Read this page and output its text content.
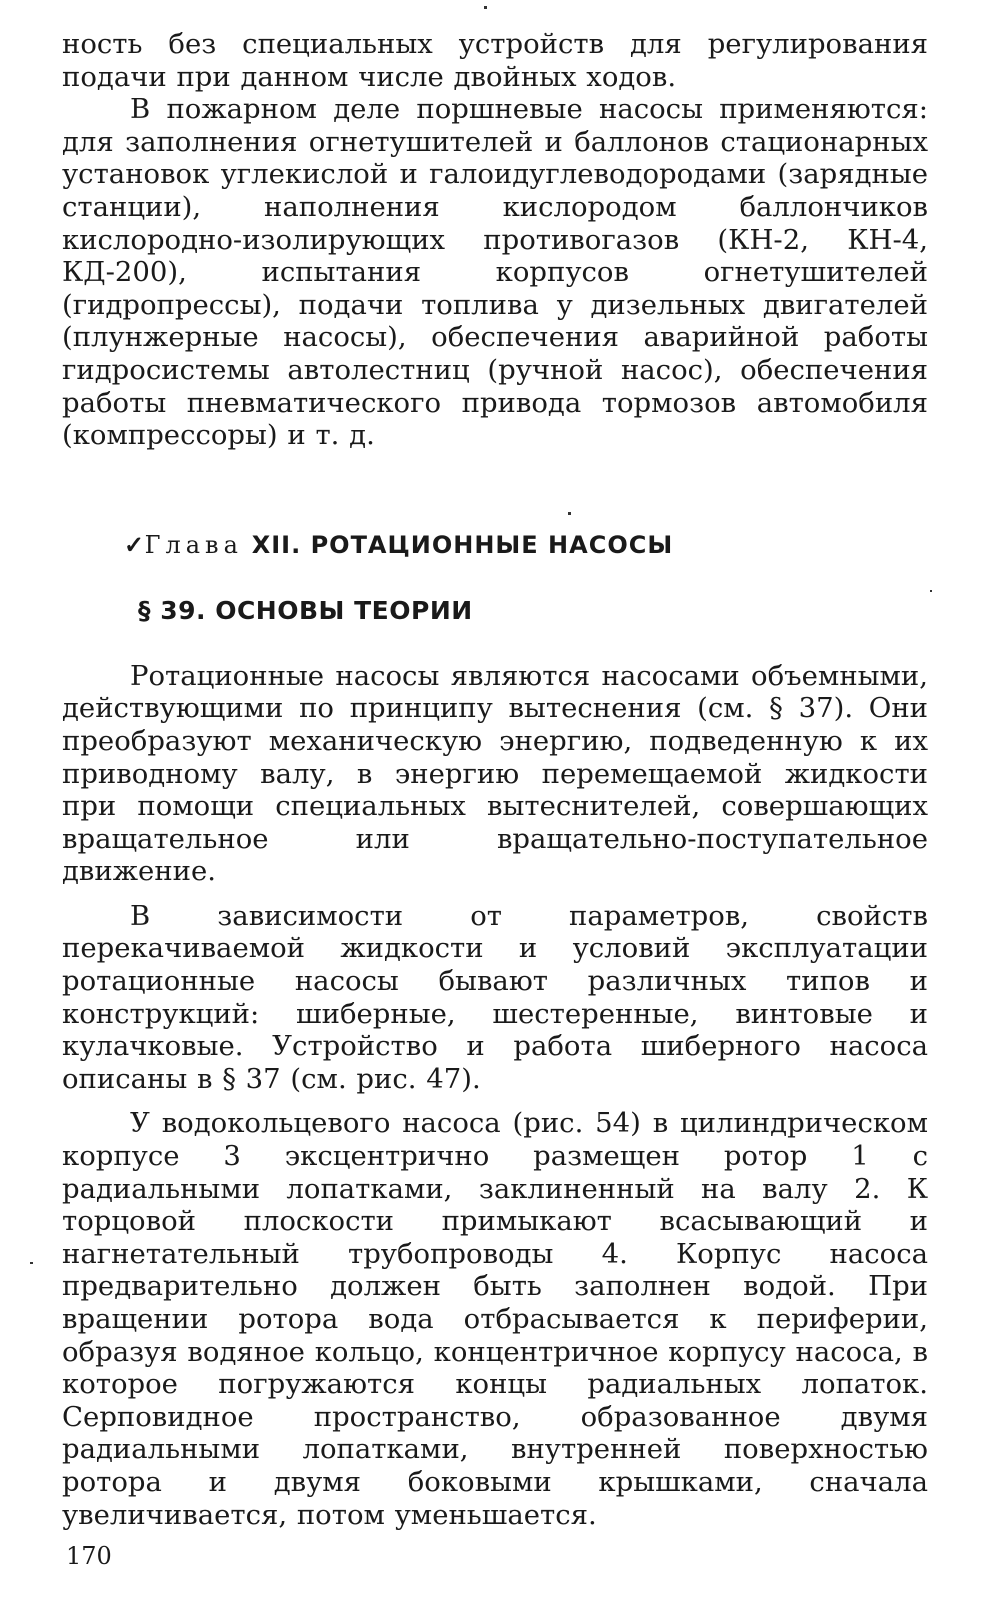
ность без специальных устройств для регулирования подачи при данном числе двойных ходов.

В пожарном деле поршневые насосы применяются: для заполнения огнетушителей и баллонов стационарных установок углекислой и галоидуглеводородами (зарядные станции), наполнения кислородом баллончиков кислородно-изолирующих противогазов (КН-2, КН-4, КД-200), испытания корпусов огнетушителей (гидропрессы), подачи топлива у дизельных двигателей (плунжерные насосы), обеспечения аварийной работы гидросистемы автолестниц (ручной насос), обеспечения работы пневматического привода тормозов автомобиля (компрессоры) и т. д.

✓Глава XII. РОТАЦИОННЫЕ НАСОСЫ
§ 39. ОСНОВЫ ТЕОРИИ

Ротационные насосы являются насосами объемными, действующими по принципу вытеснения (см. § 37). Они преобразуют механическую энергию, подведенную к их приводному валу, в энергию перемещаемой жидкости при помощи специальных вытеснителей, совершающих вращательное или вращательно-поступательное движение.

В зависимости от параметров, свойств перекачиваемой жидкости и условий эксплуатации ротационные насосы бывают различных типов и конструкций: шиберные, шестеренные, винтовые и кулачковые. Устройство и работа шиберного насоса описаны в § 37 (см. рис. 47).

У водокольцевого насоса (рис. 54) в цилиндрическом корпусе 3 эксцентрично размещен ротор 1 с радиальными лопатками, заклиненный на валу 2. К торцовой плоскости примыкают всасывающий и нагнетательный трубопроводы 4. Корпус насоса предварительно должен быть заполнен водой. При вращении ротора вода отбрасывается к периферии, образуя водяное кольцо, концентричное корпусу насоса, в которое погружаются концы радиальных лопаток. Серповидное пространство, образованное двумя радиальными лопатками, внутренней поверхностью ротора и двумя боковыми крышками, сначала увеличивается, потом уменьшается.

170
